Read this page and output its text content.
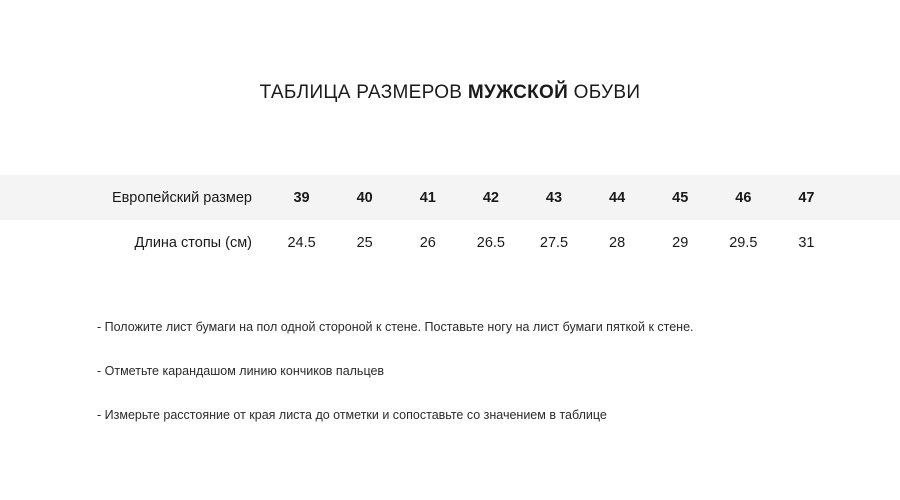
ТАБЛИЦА РАЗМЕРОВ МУЖСКОЙ ОБУВИ
Европейский размер	39	40	41	42	43	44	45	46	47
Длина стопы (см)	24.5	25	26	26.5	27.5	28	29	29.5	31
- Положите лист бумаги на пол одной стороной к стене. Поставьте ногу на лист бумаги пяткой к стене.
- Отметьте карандашом линию кончиков пальцев
- Измерьте расстояние от края листа до отметки и сопоставьте со значением в таблице
